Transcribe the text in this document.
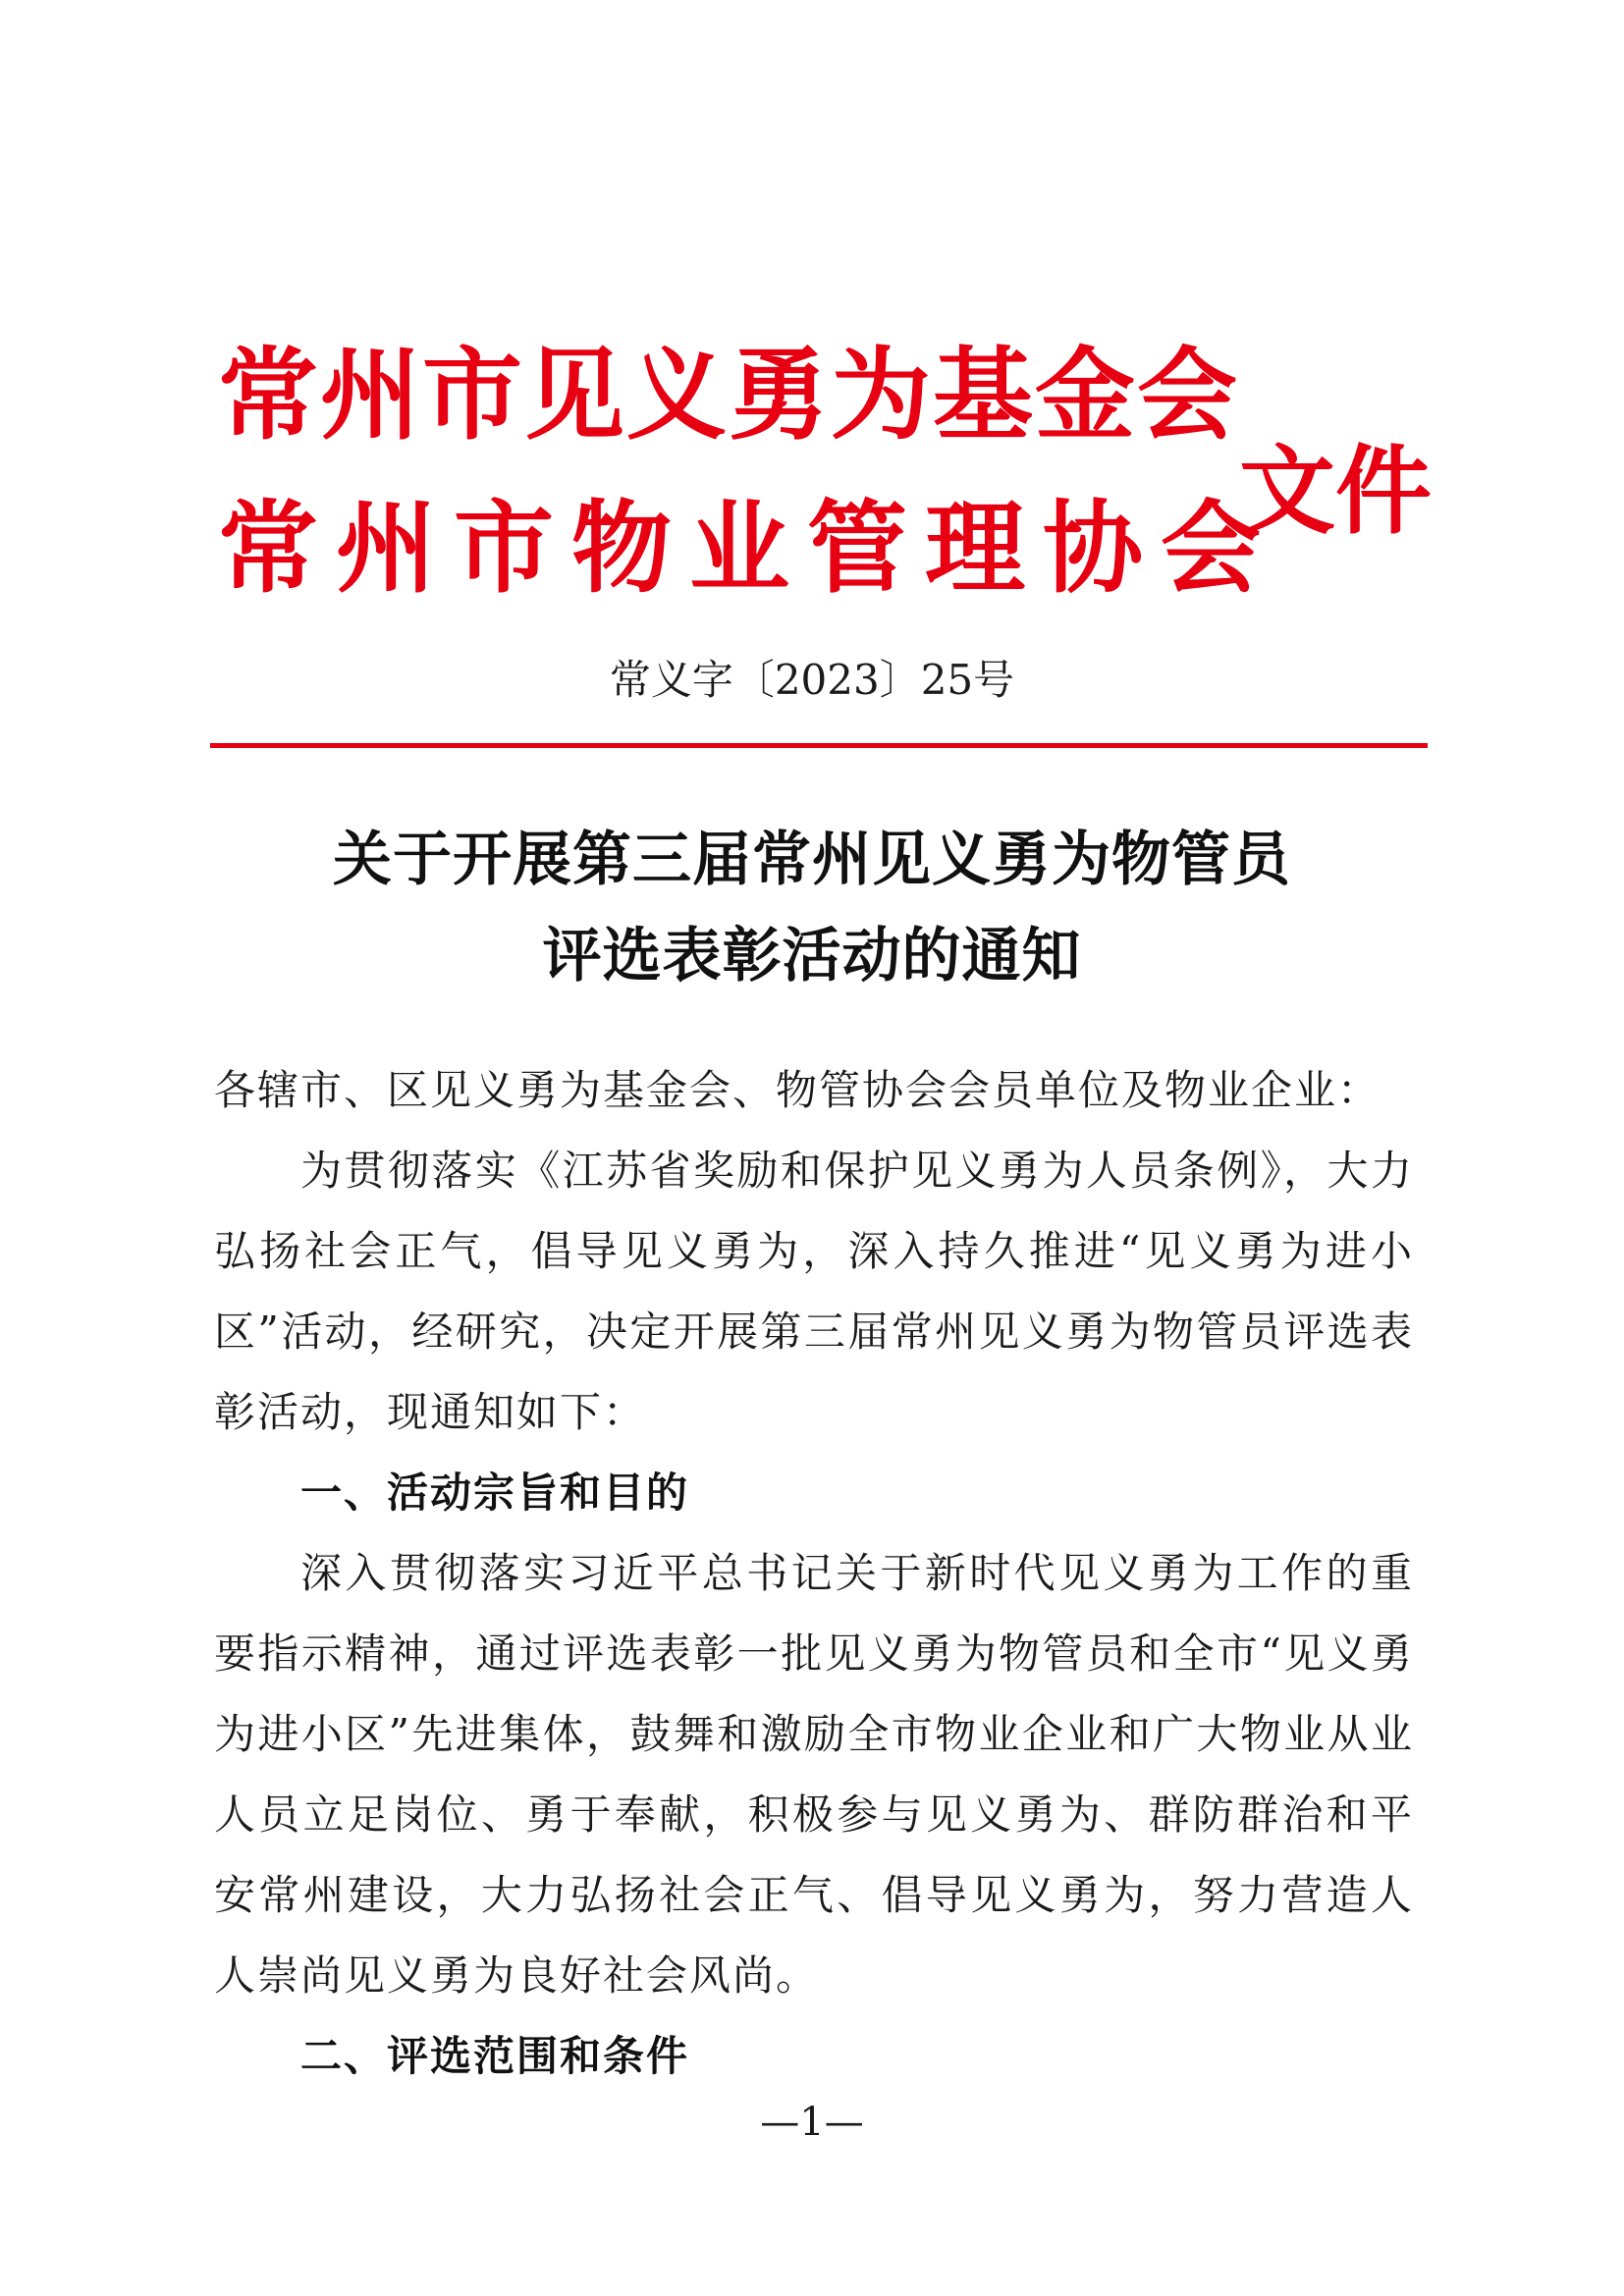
常州市见义勇为基金会
常州市物业管理协会
文件
常义字〔2023〕25号
关于开展第三届常州见义勇为物管员
评选表彰活动的通知

各辖市、区见义勇为基金会、物管协会会员单位及物业企业：

为贯彻落实《江苏省奖励和保护见义勇为人员条例》，大力弘扬社会正气，倡导见义勇为，深入持久推进“见义勇为进小区”活动，经研究，决定开展第三届常州见义勇为物管员评选表彰活动，现通知如下：

一、活动宗旨和目的

深入贯彻落实习近平总书记关于新时代见义勇为工作的重要指示精神，通过评选表彰一批见义勇为物管员和全市“见义勇为进小区”先进集体，鼓舞和激励全市物业企业和广大物业从业人员立足岗位、勇于奉献，积极参与见义勇为、群防群治和平安常州建设，大力弘扬社会正气、倡导见义勇为，努力营造人人崇尚见义勇为良好社会风尚。

二、评选范围和条件
—1—
